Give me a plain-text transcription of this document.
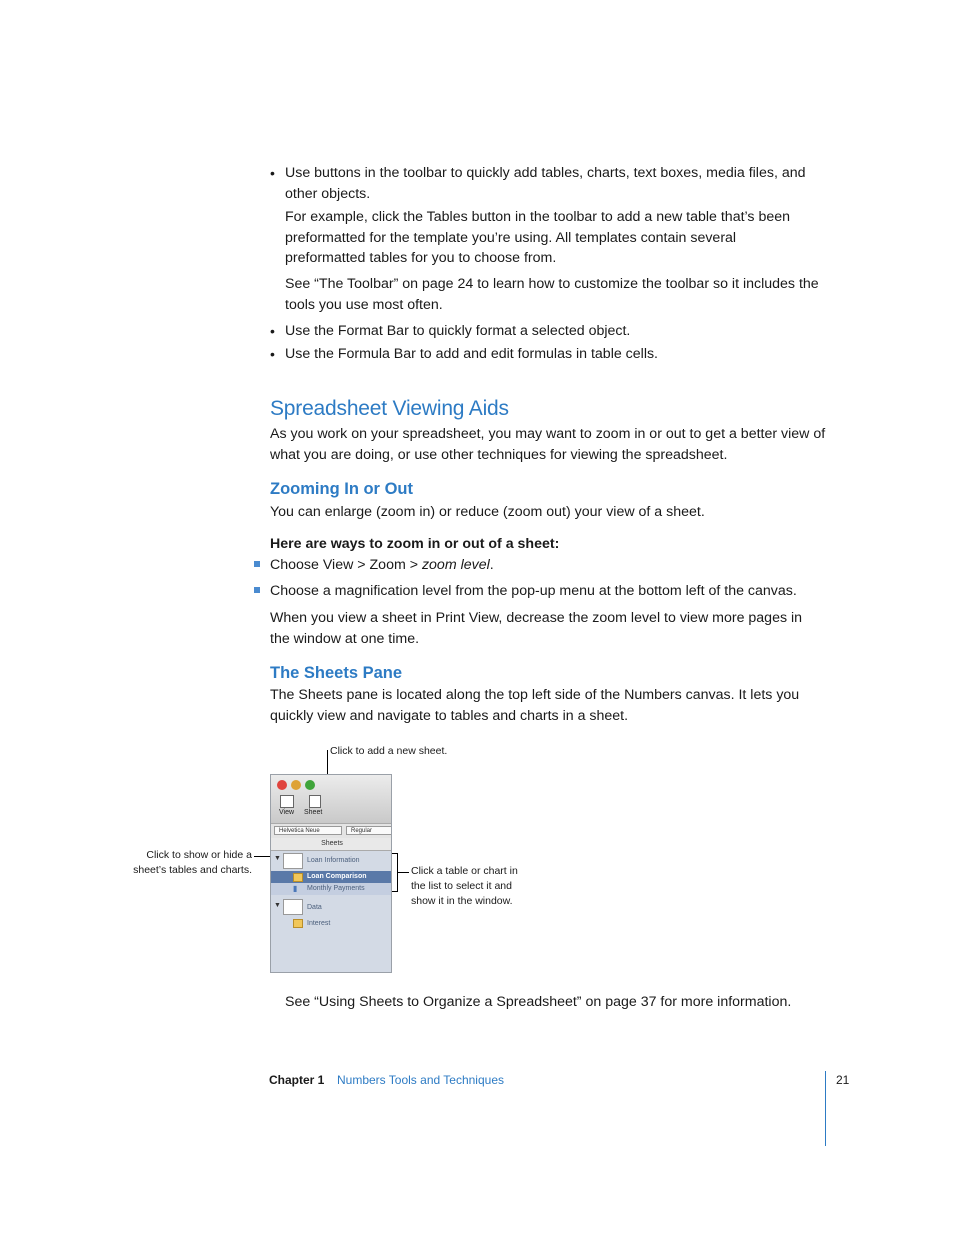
• Use buttons in the toolbar to quickly add tables, charts, text boxes, media files, and other objects.

For example, click the Tables button in the toolbar to add a new table that’s been preformatted for the template you’re using. All templates contain several preformatted tables for you to choose from.

See “The Toolbar” on page 24 to learn how to customize the toolbar so it includes the tools you use most often.

• Use the Format Bar to quickly format a selected object.

• Use the Formula Bar to add and edit formulas in table cells.

Spreadsheet Viewing Aids

As you work on your spreadsheet, you may want to zoom in or out to get a better view of what you are doing, or use other techniques for viewing the spreadsheet.

Zooming In or Out

You can enlarge (zoom in) or reduce (zoom out) your view of a sheet.

Here are ways to zoom in or out of a sheet:

Choose View > Zoom > zoom level.

Choose a magnification level from the pop-up menu at the bottom left of the canvas.

When you view a sheet in Print View, decrease the zoom level to view more pages in the window at one time.

The Sheets Pane

The Sheets pane is located along the top left side of the Numbers canvas. It lets you quickly view and navigate to tables and charts in a sheet.

Click to add a new sheet.
Click to show or hide a sheet’s tables and charts.	Click a table or chart in the list to select it and show it in the window.
View Sheet
Helvetica Neue	Regular
Sheets
▼	Loan Information
Loan Comparison
▮ Monthly Payments
▼	Data
Interest

See “Using Sheets to Organize a Spreadsheet” on page 37 for more information.

Chapter 1 Numbers Tools and Techniques	21
